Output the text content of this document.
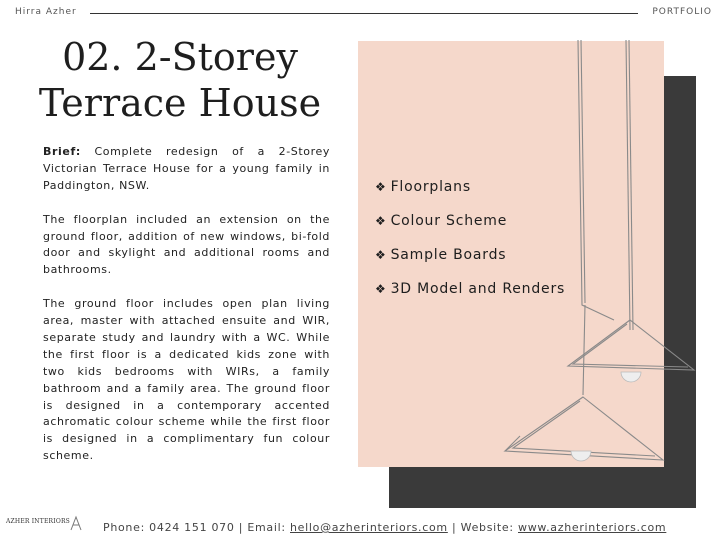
Hirra Azher	PORTFOLIO
02. 2-Storey
Terrace House

Brief: Complete redesign of a 2-Storey Victorian Terrace House for a young family in Paddington, NSW.

The floorplan included an extension on the ground floor, addition of new windows, bi-fold door and skylight and additional rooms and bathrooms.

The ground floor includes open plan living area, master with attached ensuite and WIR, separate study and laundry with a WC. While the first floor is a dedicated kids zone with two kids bedrooms with WIRs, a family bathroom and a family area. The ground floor is designed in a contemporary accented achromatic colour scheme while the first floor is designed in a complimentary fun colour scheme.

❖ Floorplans
❖ Colour Scheme
❖ Sample Boards
❖ 3D Model and Renders
AZHER INTERIORS	Phone: 0424 151 070 | Email: hello@azherinteriors.com | Website: www.azherinteriors.com
